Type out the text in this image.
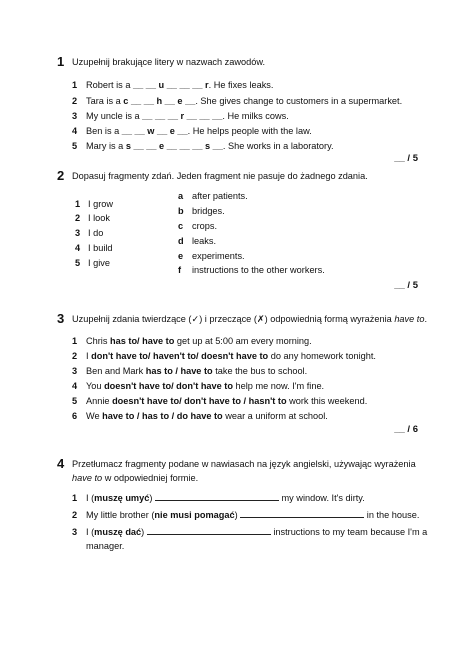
1 Uzupełnij brakujące litery w nazwach zawodów.
1 Robert is a __ __ u __ __ __ r. He fixes leaks.
2 Tara is a c __ __ h __ e __. She gives change to customers in a supermarket.
3 My uncle is a __ __ __ r __ __ __. He milks cows.
4 Ben is a __ __ w __ e __. He helps people with the law.
5 Mary is a s __ __ e __ __ __ s __. She works in a laboratory.
__ / 5
2 Dopasuj fragmenty zdań. Jeden fragment nie pasuje do żadnego zdania.
1 I grow
2 I look
3 I do
4 I build
5 I give
a after patients.
b bridges.
c crops.
d leaks.
e experiments.
f instructions to the other workers.
__ / 5
3 Uzupełnij zdania twierdzące (✓) i przeczące (✗) odpowiednią formą wyrażenia have to.
1 Chris has to/ have to get up at 5:00 am every morning.
2 I don't have to/ haven't to/ doesn't have to do any homework tonight.
3 Ben and Mark has to / have to take the bus to school.
4 You doesn't have to/ don't have to help me now. I'm fine.
5 Annie doesn't have to/ don't have to / hasn't to work this weekend.
6 We have to / has to / do have to wear a uniform at school.
__ / 6
4 Przetłumacz fragmenty podane w nawiasach na język angielski, używając wyrażenia
have to w odpowiedniej formie.
1 I (muszę umyć)	my window. It's dirty.
2 My little brother (nie musi pomagać)	in the house.
3 I (muszę dać)	instructions to my team because I'm a
manager.
